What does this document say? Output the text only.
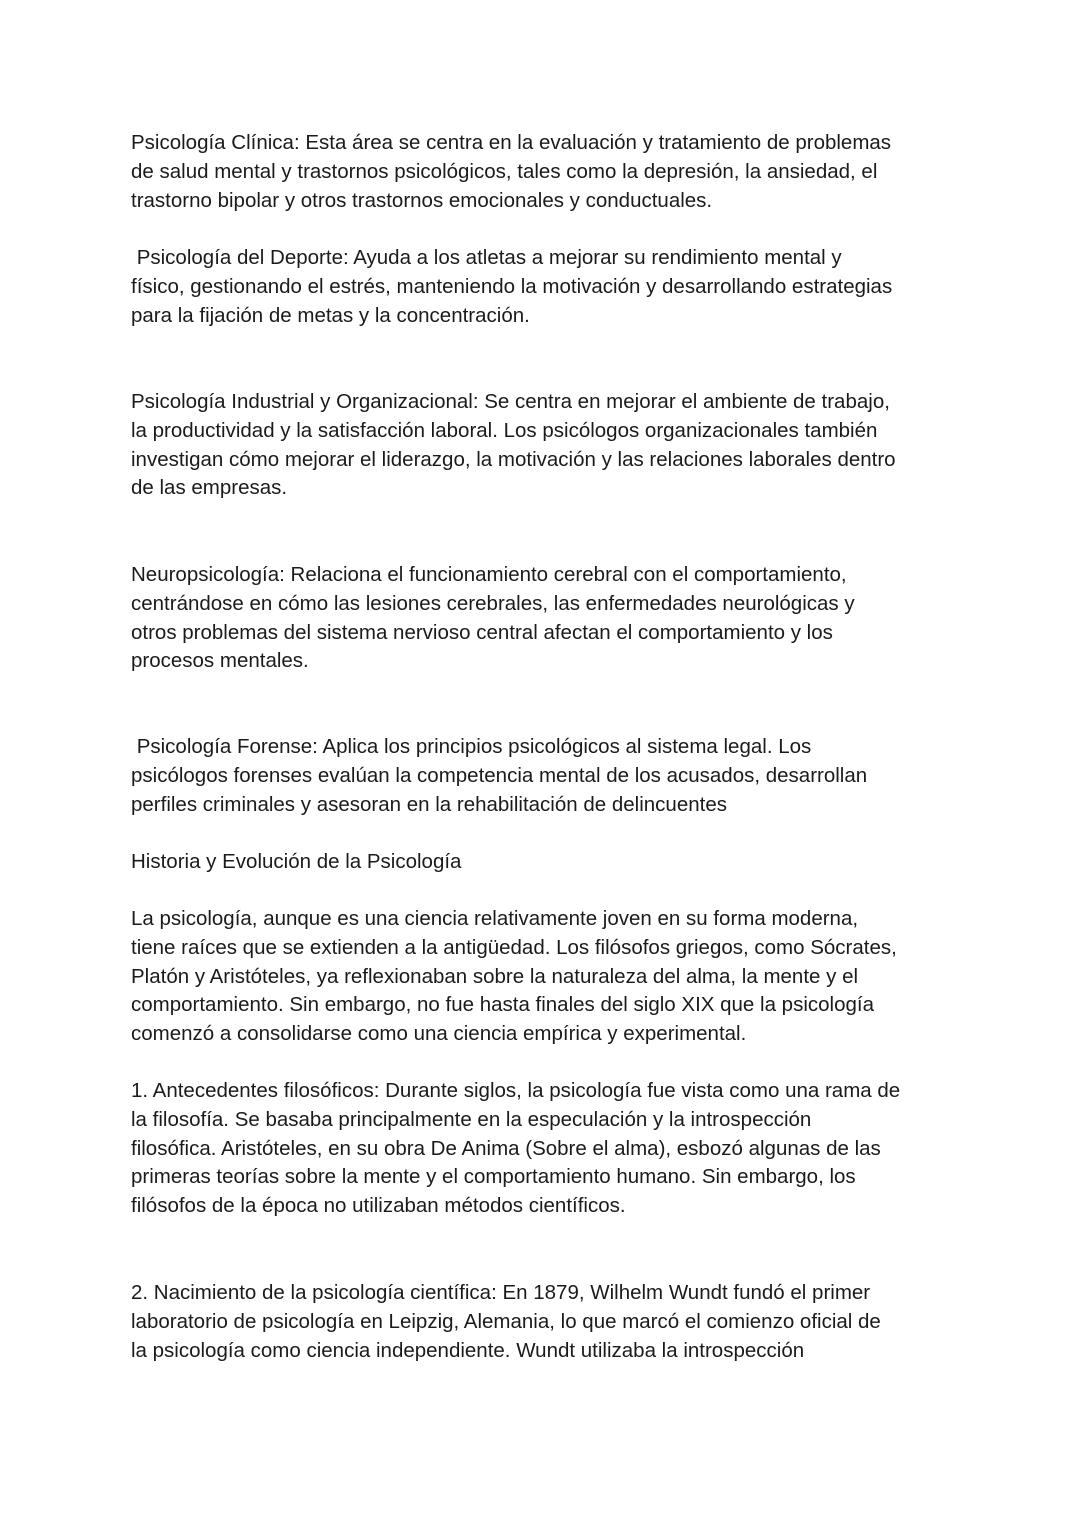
Psicología Clínica: Esta área se centra en la evaluación y tratamiento de problemas
de salud mental y trastornos psicológicos, tales como la depresión, la ansiedad, el
trastorno bipolar y otros trastornos emocionales y conductuales.

Psicología del Deporte: Ayuda a los atletas a mejorar su rendimiento mental y
físico, gestionando el estrés, manteniendo la motivación y desarrollando estrategias
para la fijación de metas y la concentración.

Psicología Industrial y Organizacional: Se centra en mejorar el ambiente de trabajo,
la productividad y la satisfacción laboral. Los psicólogos organizacionales también
investigan cómo mejorar el liderazgo, la motivación y las relaciones laborales dentro
de las empresas.

Neuropsicología: Relaciona el funcionamiento cerebral con el comportamiento,
centrándose en cómo las lesiones cerebrales, las enfermedades neurológicas y
otros problemas del sistema nervioso central afectan el comportamiento y los
procesos mentales.

Psicología Forense: Aplica los principios psicológicos al sistema legal. Los
psicólogos forenses evalúan la competencia mental de los acusados, desarrollan
perfiles criminales y asesoran en la rehabilitación de delincuentes

Historia y Evolución de la Psicología

La psicología, aunque es una ciencia relativamente joven en su forma moderna,
tiene raíces que se extienden a la antigüedad. Los filósofos griegos, como Sócrates,
Platón y Aristóteles, ya reflexionaban sobre la naturaleza del alma, la mente y el
comportamiento. Sin embargo, no fue hasta finales del siglo XIX que la psicología
comenzó a consolidarse como una ciencia empírica y experimental.

1. Antecedentes filosóficos: Durante siglos, la psicología fue vista como una rama de
la filosofía. Se basaba principalmente en la especulación y la introspección
filosófica. Aristóteles, en su obra De Anima (Sobre el alma), esbozó algunas de las
primeras teorías sobre la mente y el comportamiento humano. Sin embargo, los
filósofos de la época no utilizaban métodos científicos.

2. Nacimiento de la psicología científica: En 1879, Wilhelm Wundt fundó el primer
laboratorio de psicología en Leipzig, Alemania, lo que marcó el comienzo oficial de
la psicología como ciencia independiente. Wundt utilizaba la introspección
